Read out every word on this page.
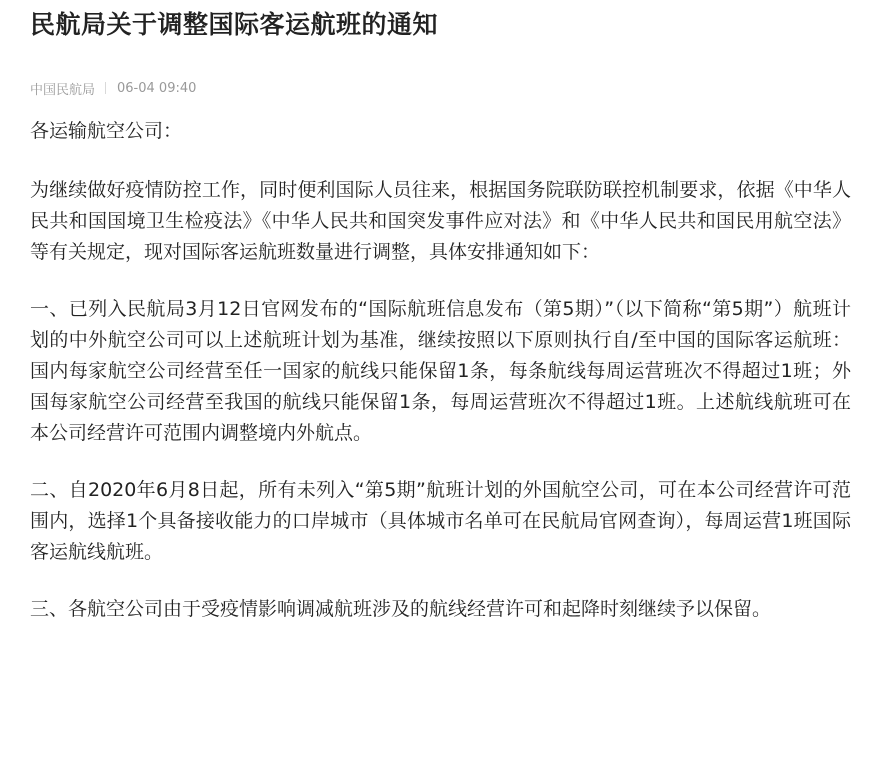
民航局关于调整国际客运航班的通知
中国民航局 06-04 09:40

各运输航空公司：

为继续做好疫情防控工作，同时便利国际人员往来，根据国务院联防联控机制要求，依据《中华人民共和国国境卫生检疫法》《中华人民共和国突发事件应对法》和《中华人民共和国民用航空法》等有关规定，现对国际客运航班数量进行调整，具体安排通知如下：

一、已列入民航局3月12日官网发布的“国际航班信息发布（第5期）”（以下简称“第5期”）航班计划的中外航空公司可以上述航班计划为基准，继续按照以下原则执行自/至中国的国际客运航班：国内每家航空公司经营至任一国家的航线只能保留1条，每条航线每周运营班次不得超过1班；外国每家航空公司经营至我国的航线只能保留1条，每周运营班次不得超过1班。上述航线航班可在本公司经营许可范围内调整境内外航点。

二、自2020年6月8日起，所有未列入“第5期”航班计划的外国航空公司，可在本公司经营许可范围内，选择1个具备接收能力的口岸城市（具体城市名单可在民航局官网查询），每周运营1班国际客运航线航班。

三、各航空公司由于受疫情影响调减航班涉及的航线经营许可和起降时刻继续予以保留。
